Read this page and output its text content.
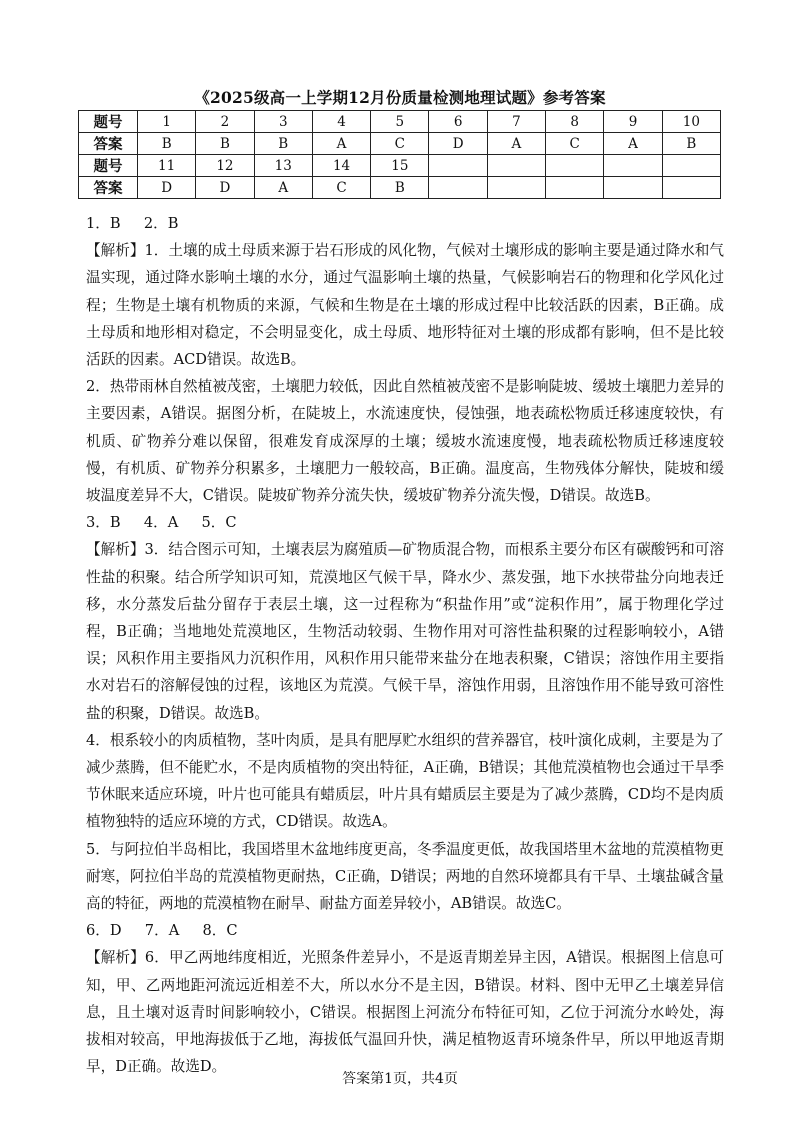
《2025级高一上学期12月份质量检测地理试题》参考答案
题号	1	2	3	4	5	6	7	8	9	10
答案	B	B	B	A	C	D	A	C	A	B
题号	11	12	13	14	15					
答案	D	D	A	C	B					

1．B　 2．B

【解析】1．土壤的成土母质来源于岩石形成的风化物，气候对土壤形成的影响主要是通过降水和气温实现，通过降水影响土壤的水分，通过气温影响土壤的热量，气候影响岩石的物理和化学风化过程；生物是土壤有机物质的来源，气候和生物是在土壤的形成过程中比较活跃的因素，B正确。成土母质和地形相对稳定，不会明显变化，成土母质、地形特征对土壤的形成都有影响，但不是比较活跃的因素。ACD错误。故选B。

2．热带雨林自然植被茂密，土壤肥力较低，因此自然植被茂密不是影响陡坡、缓坡土壤肥力差异的主要因素，A错误。据图分析，在陡坡上，水流速度快，侵蚀强，地表疏松物质迁移速度较快，有机质、矿物养分难以保留，很难发育成深厚的土壤；缓坡水流速度慢，地表疏松物质迁移速度较慢，有机质、矿物养分积累多，土壤肥力一般较高，B正确。温度高，生物残体分解快，陡坡和缓坡温度差异不大，C错误。陡坡矿物养分流失快，缓坡矿物养分流失慢，D错误。故选B。

3．B　 4．A　 5．C

【解析】3．结合图示可知，土壤表层为腐殖质—矿物质混合物，而根系主要分布区有碳酸钙和可溶性盐的积聚。结合所学知识可知，荒漠地区气候干旱，降水少、蒸发强，地下水挟带盐分向地表迁移，水分蒸发后盐分留存于表层土壤，这一过程称为“积盐作用”或“淀积作用”，属于物理化学过程，B正确；当地地处荒漠地区，生物活动较弱、生物作用对可溶性盐积聚的过程影响较小，A错误；风积作用主要指风力沉积作用，风积作用只能带来盐分在地表积聚，C错误；溶蚀作用主要指水对岩石的溶解侵蚀的过程，该地区为荒漠。气候干旱，溶蚀作用弱，且溶蚀作用不能导致可溶性盐的积聚，D错误。故选B。

4．根系较小的肉质植物，茎叶肉质，是具有肥厚贮水组织的营养器官，枝叶演化成刺，主要是为了减少蒸腾，但不能贮水，不是肉质植物的突出特征，A正确，B错误；其他荒漠植物也会通过干旱季节休眠来适应环境，叶片也可能具有蜡质层，叶片具有蜡质层主要是为了减少蒸腾，CD均不是肉质植物独特的适应环境的方式，CD错误。故选A。

5．与阿拉伯半岛相比，我国塔里木盆地纬度更高，冬季温度更低，故我国塔里木盆地的荒漠植物更耐寒，阿拉伯半岛的荒漠植物更耐热，C正确，D错误；两地的自然环境都具有干旱、土壤盐碱含量高的特征，两地的荒漠植物在耐旱、耐盐方面差异较小，AB错误。故选C。

6．D　 7．A　 8．C

【解析】6．甲乙两地纬度相近，光照条件差异小，不是返青期差异主因，A错误。根据图上信息可知，甲、乙两地距河流远近相差不大，所以水分不是主因，B错误。材料、图中无甲乙土壤差异信息，且土壤对返青时间影响较小，C错误。根据图上河流分布特征可知，乙位于河流分水岭处，海拔相对较高，甲地海拔低于乙地，海拔低气温回升快，满足植物返青环境条件早，所以甲地返青期早，D正确。故选D。

答案第1页，共4页
